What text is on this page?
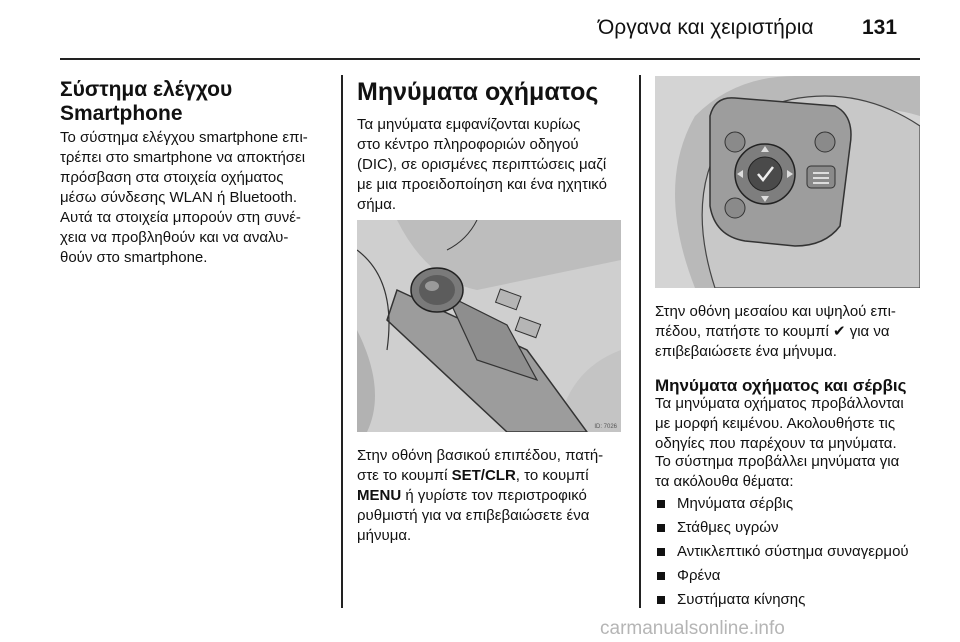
Όργανα και χειριστήρια 131
Σύστημα ελέγχου
Smartphone
Το σύστημα ελέγχου smartphone επι-
τρέπει στο smartphone να αποκτήσει
πρόσβαση στα στοιχεία οχήματος
μέσω σύνδεσης WLAN ή Bluetooth.
Αυτά τα στοιχεία μπορούν στη συνέ-
χεια να προβληθούν και να αναλυ-
θούν στο smartphone.
Μηνύματα οχήματος
Τα μηνύματα εμφανίζονται κυρίως
στο κέντρο πληροφοριών οδηγού
(DIC), σε ορισμένες περιπτώσεις μαζί
με μια προειδοποίηση και ένα ηχητικό
σήμα.
ID: 7026
Στην οθόνη βασικού επιπέδου, πατή-
στε το κουμπί SET/CLR, το κουμπί
MENU ή γυρίστε τον περιστροφικό
ρυθμιστή για να επιβεβαιώσετε ένα
μήνυμα.
Στην οθόνη μεσαίου και υψηλού επι-
πέδου, πατήστε το κουμπί ✔ για να
επιβεβαιώσετε ένα μήνυμα.
Μηνύματα οχήματος και σέρβις
Τα μηνύματα οχήματος προβάλλονται
με μορφή κειμένου. Ακολουθήστε τις
οδηγίες που παρέχουν τα μηνύματα.
Το σύστημα προβάλλει μηνύματα για
τα ακόλουθα θέματα:
Μηνύματα σέρβις
Στάθμες υγρών
Αντικλεπτικό σύστημα συναγερμού
Φρένα
Συστήματα κίνησης
carmanualsonline.info
